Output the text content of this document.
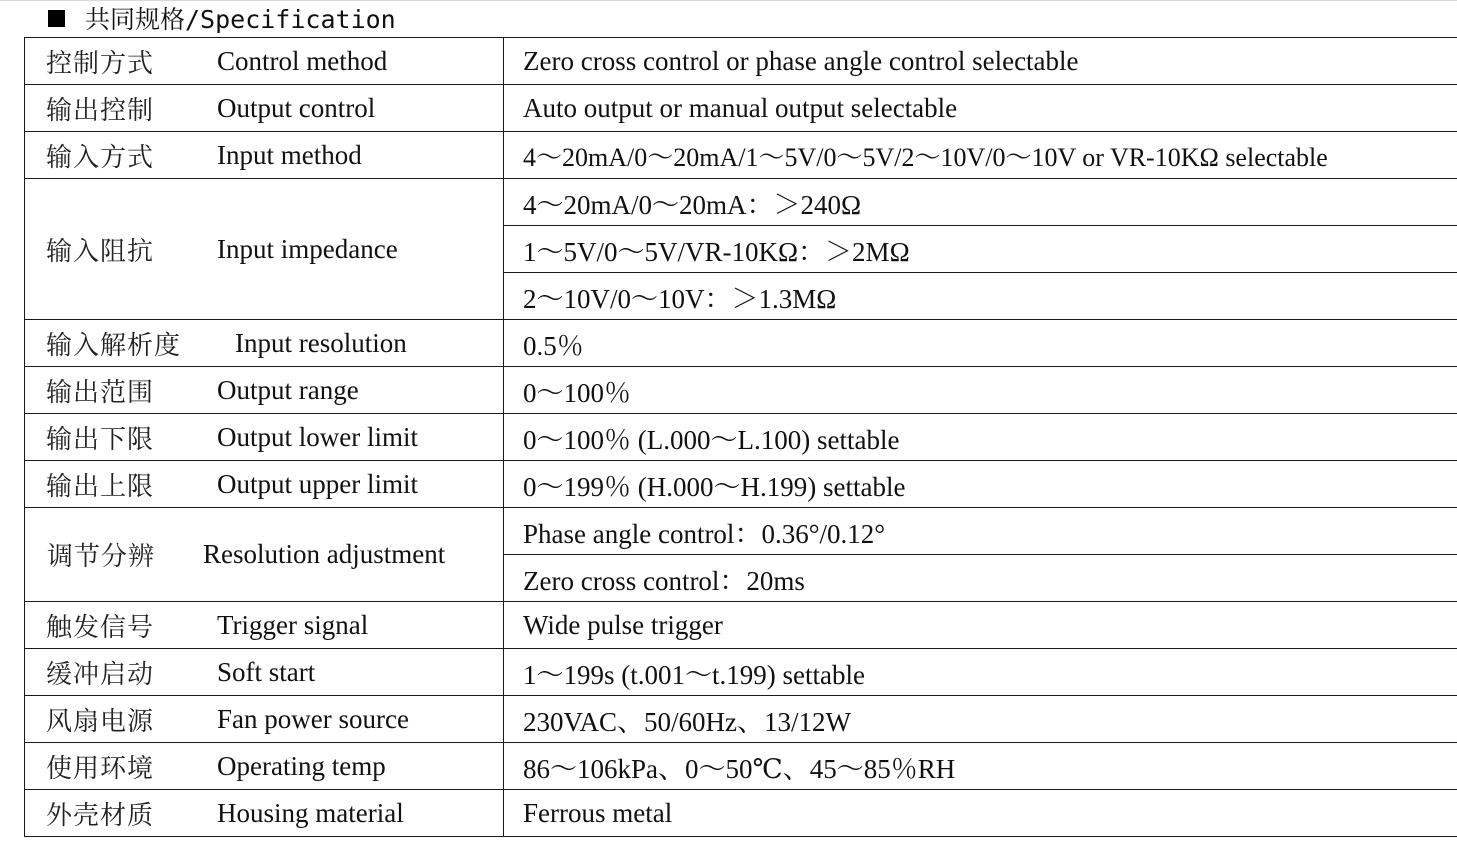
共同规格/Specification
控制方式 Control method	Zero cross control or phase angle control selectable

输出控制 Output control	Auto output or manual output selectable

输入方式 Input method	4～20mA/0～20mA/1～5V/0～5V/2～10V/0～10V or VR-10KΩ selectable

输入阻抗 Input impedance	4～20mA/0～20mA：＞240Ω
	1～5V/0～5V/VR-10KΩ：＞2MΩ
	2～10V/0～10V：＞1.3MΩ

输入解析度 Input resolution	0.5％

输出范围 Output range	0～100％

输出下限 Output lower limit	0～100％ (L.000～L.100) settable

输出上限 Output upper limit	0～199％ (H.000～H.199) settable

调节分辨 Resolution adjustment	Phase angle control：0.36°/0.12°
	Zero cross control：20ms

触发信号 Trigger signal	Wide pulse trigger

缓冲启动 Soft start	1～199s (t.001～t.199) settable

风扇电源 Fan power source	230VAC、50/60Hz、13/12W

使用环境 Operating temp	86～106kPa、0～50℃、45～85％RH

外壳材质 Housing material	Ferrous metal
